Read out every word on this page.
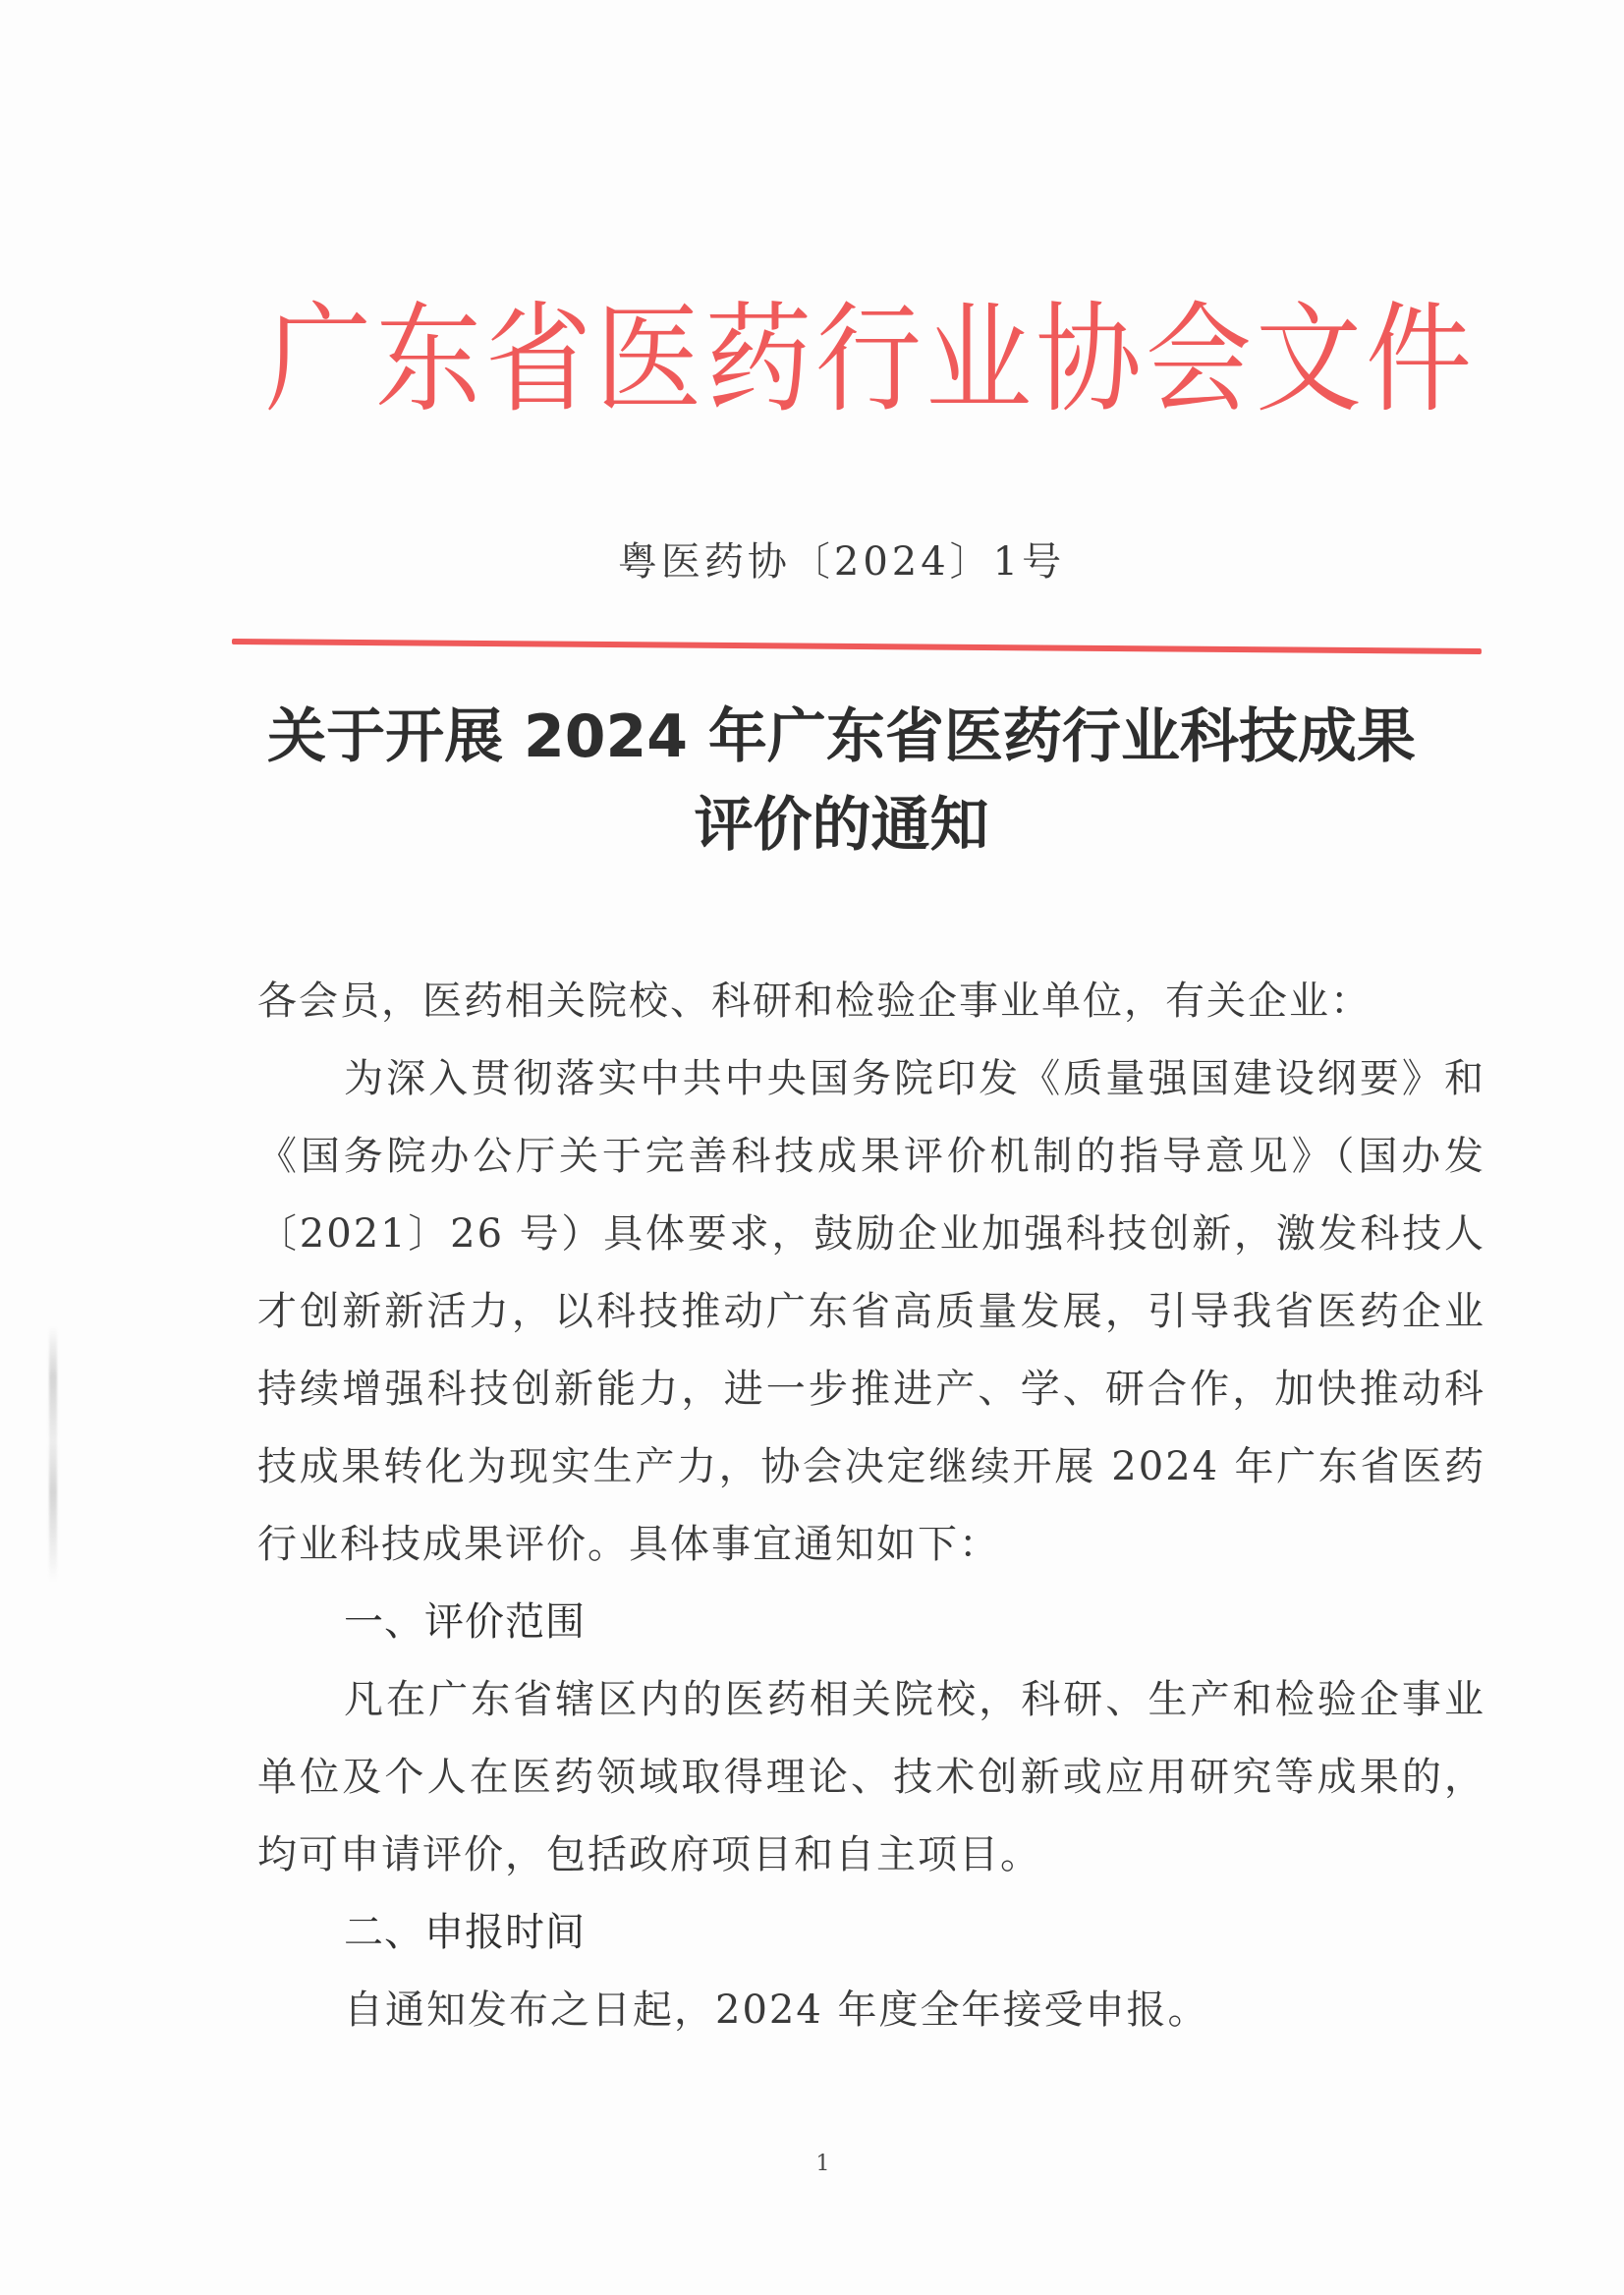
广东省医药行业协会文件
粤医药协〔2024〕1号
关于开展 2024 年广东省医药行业科技成果
评价的通知

各会员，医药相关院校、科研和检验企事业单位，有关企业：

为深入贯彻落实中共中央国务院印发《质量强国建设纲要》和《国务院办公厅关于完善科技成果评价机制的指导意见》（国办发〔2021〕26 号）具体要求，鼓励企业加强科技创新，激发科技人才创新新活力，以科技推动广东省高质量发展，引导我省医药企业持续增强科技创新能力，进一步推进产、学、研合作，加快推动科技成果转化为现实生产力，协会决定继续开展 2024 年广东省医药行业科技成果评价。具体事宜通知如下：

一、评价范围

凡在广东省辖区内的医药相关院校，科研、生产和检验企事业单位及个人在医药领域取得理论、技术创新或应用研究等成果的，均可申请评价，包括政府项目和自主项目。

二、申报时间

自通知发布之日起，2024 年度全年接受申报。

1
